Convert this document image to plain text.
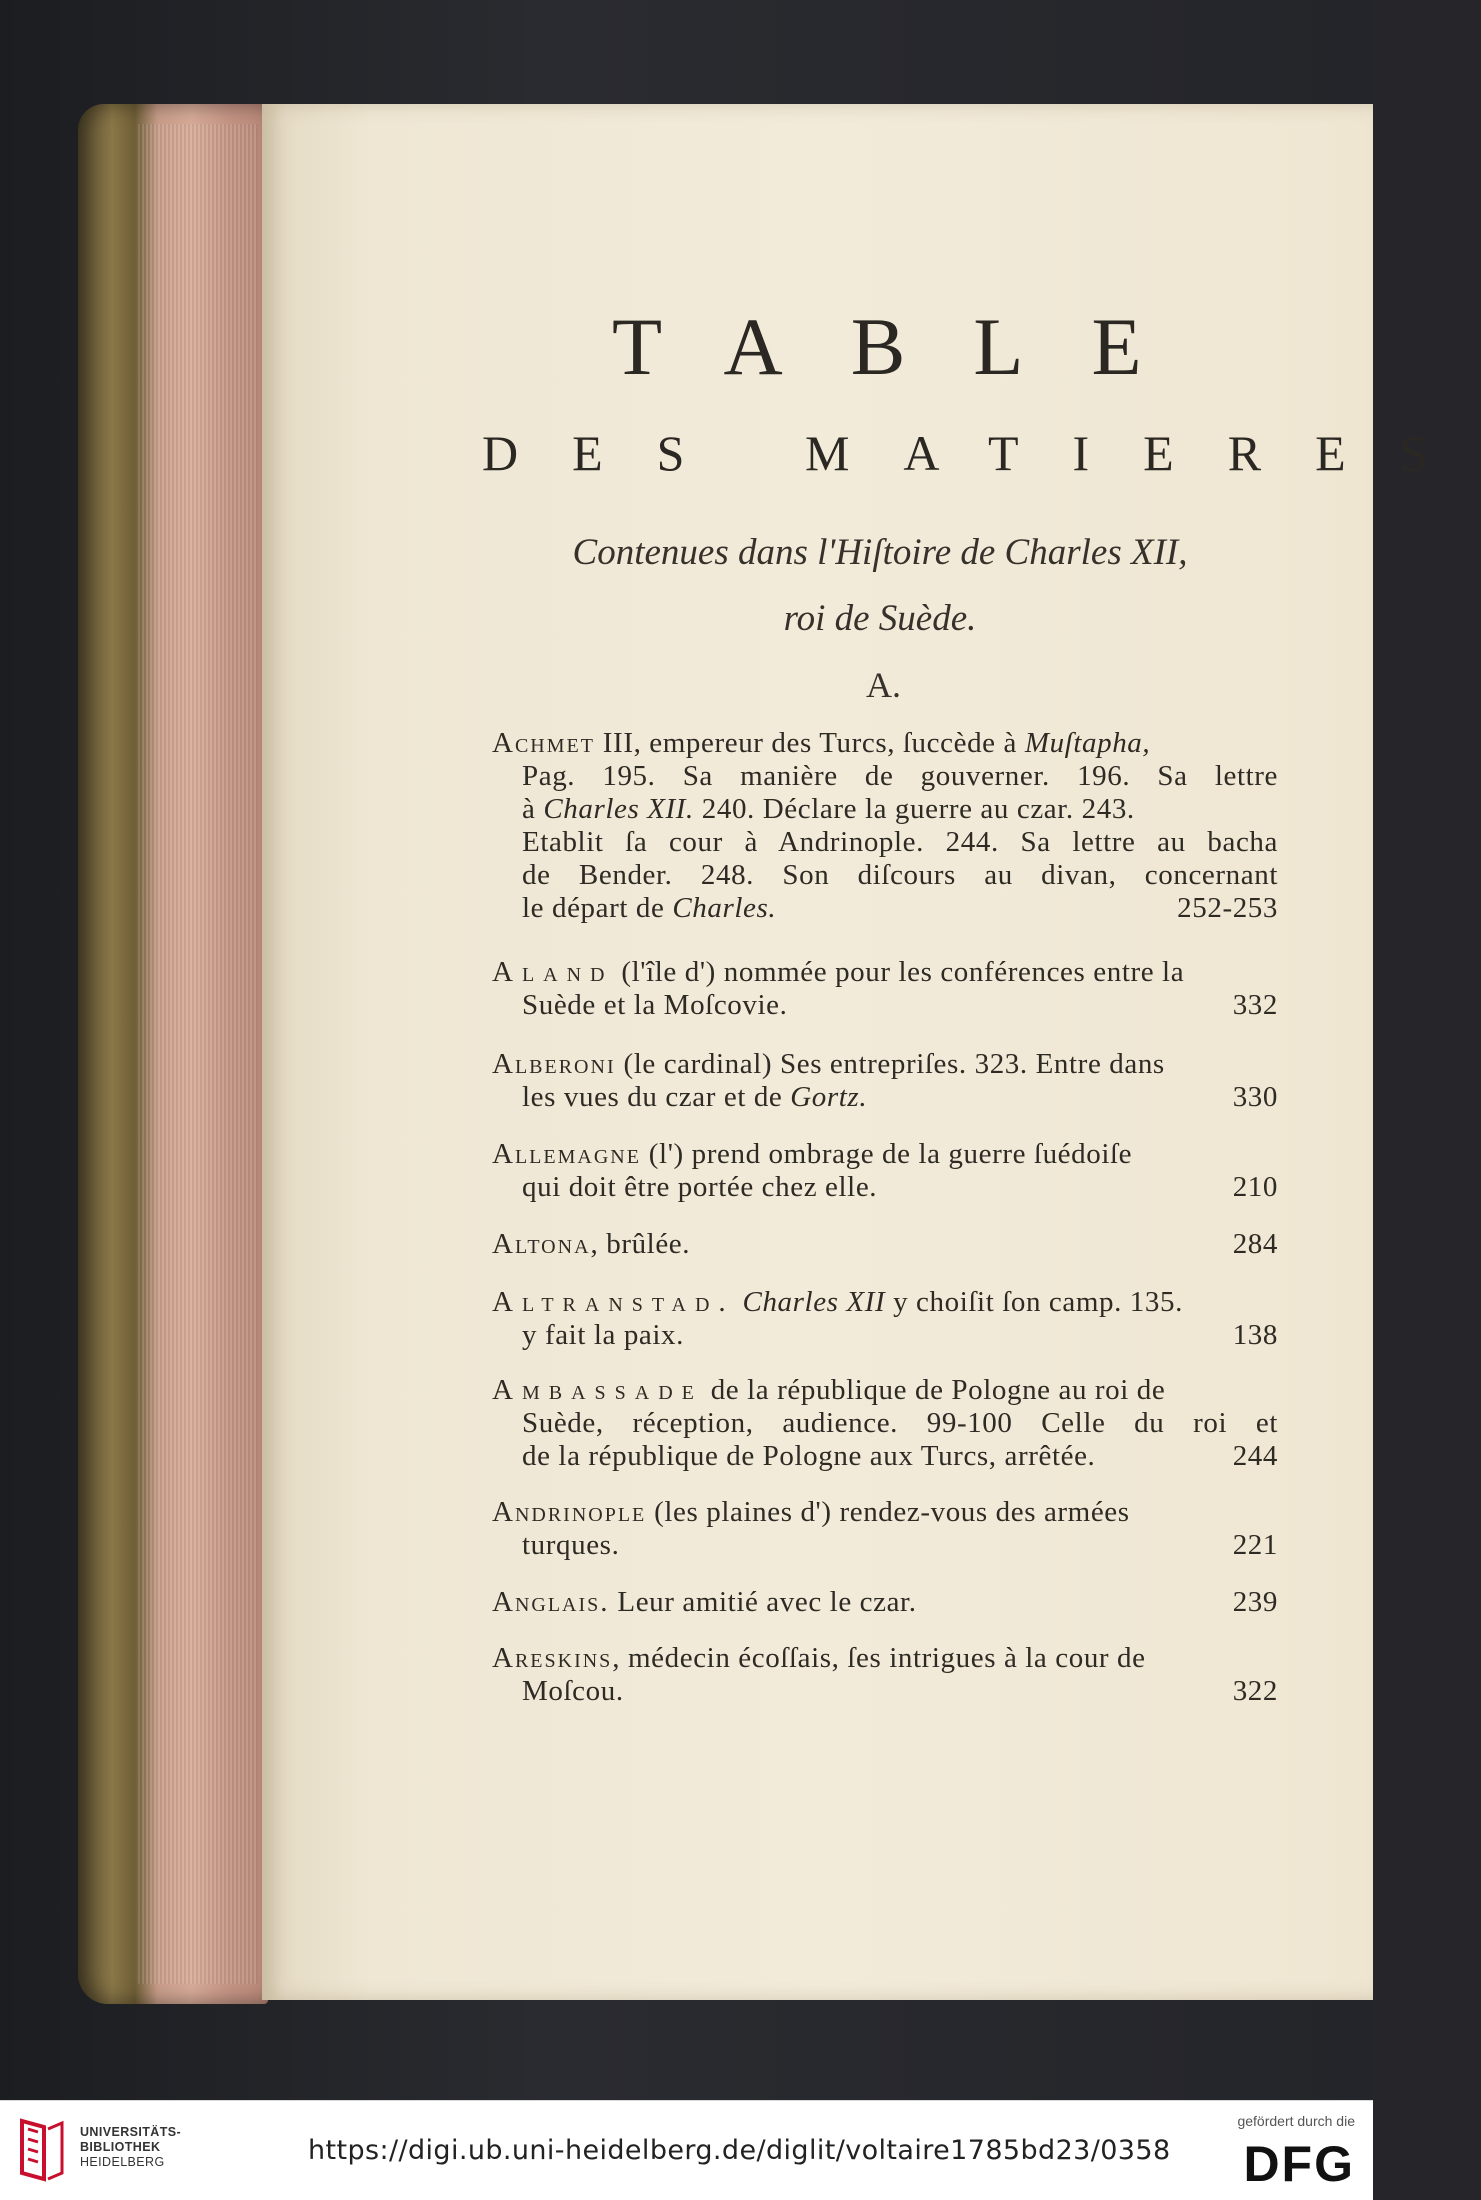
TABLE
DES MATIERES
Contenues dans l'Hiſtoire de Charles XII,
roi de Suède.
A.
Achmet III, empereur des Turcs, ſuccède à Muſtapha,
Pag. 195. Sa manière de gouverner. 196. Sa lettre
à Charles XII. 240. Déclare la guerre au czar. 243.
Etablit ſa cour à Andrinople. 244. Sa lettre au bacha
de Bender. 248. Son diſcours au divan, concernant
le départ de Charles.	252-253
Aland (l'île d') nommée pour les conférences entre la
Suède et la Moſcovie.	332
Alberoni (le cardinal) Ses entrepriſes. 323. Entre dans
les vues du czar et de Gortz.	330
Allemagne (l') prend ombrage de la guerre ſuédoiſe
qui doit être portée chez elle.	210
Altona, brûlée.	284
Altranstad. Charles XII y choiſit ſon camp. 135.
y fait la paix.	138
Ambassade de la république de Pologne au roi de
Suède, réception, audience. 99-100 Celle du roi et
de la république de Pologne aux Turcs, arrêtée.	244
Andrinople (les plaines d') rendez-vous des armées
turques.	221
Anglais. Leur amitié avec le czar.	239
Areskins, médecin écoſſais, ſes intrigues à la cour de
Moſcou.	322
UNIVERSITÄTS-
BIBLIOTHEK
HEIDELBERG	https://digi.ub.uni-heidelberg.de/diglit/voltaire1785bd23/0358
gefördert durch die
DFG
